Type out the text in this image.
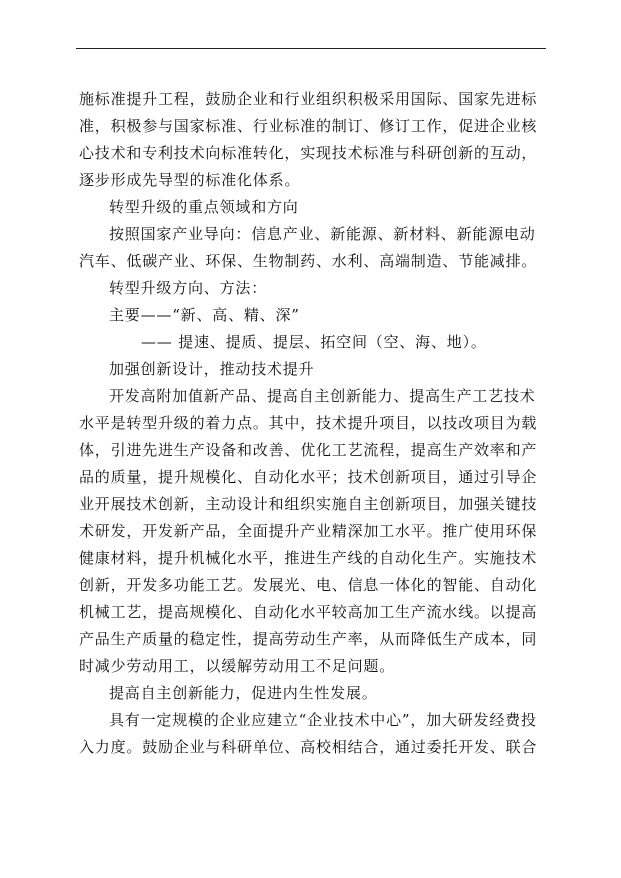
施标准提升工程，鼓励企业和行业组织积极采用国际、国家先进标
准，积极参与国家标准、行业标准的制订、修订工作，促进企业核
心技术和专利技术向标准转化，实现技术标准与科研创新的互动，
逐步形成先导型的标准化体系。
转型升级的重点领域和方向
按照国家产业导向：信息产业、新能源、新材料、新能源电动
汽车、低碳产业、环保、生物制药、水利、高端制造、节能减排。
转型升级方向、方法：
主要——“新、高、精、深”
—— 提速、提质、提层、拓空间（空、海、地）。
加强创新设计，推动技术提升
开发高附加值新产品、提高自主创新能力、提高生产工艺技术
水平是转型升级的着力点。其中，技术提升项目，以技改项目为载
体，引进先进生产设备和改善、优化工艺流程，提高生产效率和产
品的质量，提升规模化、自动化水平；技术创新项目，通过引导企
业开展技术创新，主动设计和组织实施自主创新项目，加强关键技
术研发，开发新产品，全面提升产业精深加工水平。推广使用环保
健康材料，提升机械化水平，推进生产线的自动化生产。实施技术
创新，开发多功能工艺。发展光、电、信息一体化的智能、自动化
机械工艺，提高规模化、自动化水平较高加工生产流水线。以提高
产品生产质量的稳定性，提高劳动生产率，从而降低生产成本，同
时减少劳动用工，以缓解劳动用工不足问题。
提高自主创新能力，促进内生性发展。
具有一定规模的企业应建立“企业技术中心”，加大研发经费投
入力度。鼓励企业与科研单位、高校相结合，通过委托开发、联合
